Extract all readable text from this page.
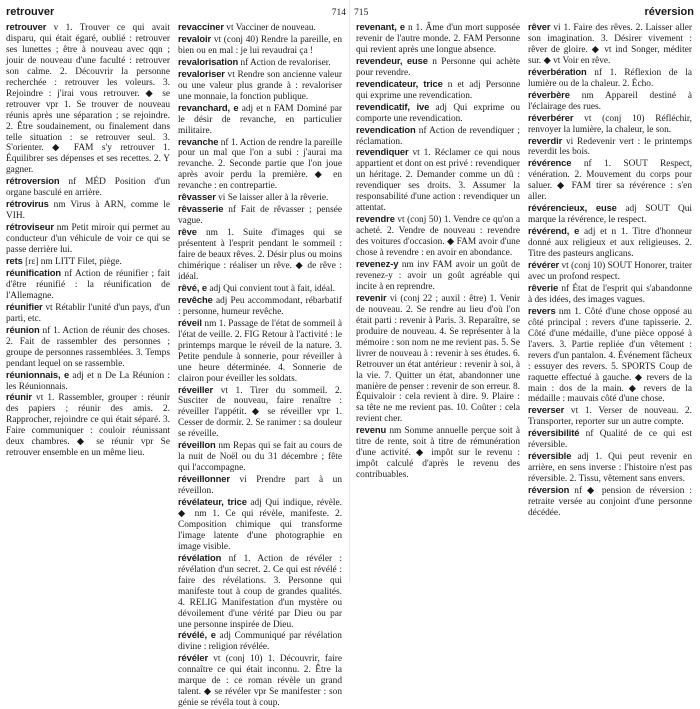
retrouver	714 715	réversion

retrouver v 1. Trouver ce qui avait disparu, qui était égaré, oublié : retrouver ses lunettes ; être à nouveau avec qqn ; jouir de nouveau d'une faculté : retrouver son calme. 2. Découvrir la personne recherchée : retrouver les voleurs. 3. Rejoindre : j'irai vous retrouver. ◆ se retrouver vpr 1. Se trouver de nouveau réunis après une séparation ; se rejoindre. 2. Être soudainement, ou finalement dans telle situation : se retrouver seul. 3. S'orienter. ◆ FAM s'y retrouver 1. Équilibrer ses dépenses et ses recettes. 2. Y gagner.

rétroversion nf MÉD Position d'un organe basculé en arrière.

rétrovirus nm Virus à ARN, comme le VIH.

rétroviseur nm Petit miroir qui permet au conducteur d'un véhicule de voir ce qui se passe derrière lui.

rets [rɛ] nm LITT Filet, piège.

réunification nf Action de réunifier ; fait d'être réunifié : la réunification de l'Allemagne.

réunifier vt Rétablir l'unité d'un pays, d'un parti, etc.

réunion nf 1. Action de réunir des choses. 2. Fait de rassembler des personnes ; groupe de personnes rassemblées. 3. Temps pendant lequel on se rassemble.

réunionnais, e adj et n De La Réunion : les Réunionnais.

réunir vt 1. Rassembler, grouper : réunir des papiers ; réunir des amis. 2. Rapprocher, rejoindre ce qui était séparé. 3. Faire communiquer : couloir réunissant deux chambres. ◆ se réunir vpr Se retrouver ensemble en un même lieu.

revacciner vt Vacciner de nouveau.

revaloir vt (conj 40) Rendre la pareille, en bien ou en mal : je lui revaudrai ça !

revalorisation nf Action de revaloriser.

revaloriser vt Rendre son ancienne valeur ou une valeur plus grande à : revaloriser une monnaie, la fonction publique.

revanchard, e adj et n FAM Dominé par le désir de revanche, en particulier militaire.

revanche nf 1. Action de rendre la pareille pour un mal que l'on a subi : j'aurai ma revanche. 2. Seconde partie que l'on joue après avoir perdu la première. ◆ en revanche : en contrepartie.

rêvasser vi Se laisser aller à la rêverie.

rêvasserie nf Fait de rêvasser ; pensée vague.

rêve nm 1. Suite d'images qui se présentent à l'esprit pendant le sommeil : faire de beaux rêves. 2. Désir plus ou moins chimérique : réaliser un rêve. ◆ de rêve : idéal.

rêvé, e adj Qui convient tout à fait, idéal.

revêche adj Peu accommodant, rébarbatif : personne, humeur revêche.

réveil nm 1. Passage de l'état de sommeil à l'état de veille. 2. FIG Retour à l'activité : le printemps marque le réveil de la nature. 3. Petite pendule à sonnerie, pour réveiller à une heure déterminée. 4. Sonnerie de clairon pour éveiller les soldats.

réveiller vt 1. Tirer du sommeil. 2. Susciter de nouveau, faire renaître : réveiller l'appétit. ◆ se réveiller vpr 1. Cesser de dormir. 2. Se ranimer : sa douleur se réveille.

réveillon nm Repas qui se fait au cours de la nuit de Noël ou du 31 décembre ; fête qui l'accompagne.

réveillonner vi Prendre part à un réveillon.

révélateur, trice adj Qui indique, révèle. ◆ nm 1. Ce qui révèle, manifeste. 2. Composition chimique qui transforme l'image latente d'une photographie en image visible.

révélation nf 1. Action de révéler : révélation d'un secret. 2. Ce qui est révélé : faire des révélations. 3. Personne qui manifeste tout à coup de grandes qualités. 4. RELIG Manifestation d'un mystère ou dévoilement d'une vérité par Dieu ou par une personne inspirée de Dieu.

révélé, e adj Communiqué par révélation divine : religion révélée.

révéler vt (conj 10) 1. Découvrir, faire connaître ce qui était inconnu. 2. Être la marque de : ce roman révèle un grand talent. ◆ se révéler vpr Se manifester : son génie se révéla tout à coup.

revenant, e n 1. Âme d'un mort supposée revenir de l'autre monde. 2. FAM Personne qui revient après une longue absence.

revendeur, euse n Personne qui achète pour revendre.

revendicateur, trice n et adj Personne qui exprime une revendication.

revendicatif, ive adj Qui exprime ou comporte une revendication.

revendication nf Action de revendiquer ; réclamation.

revendiquer vt 1. Réclamer ce qui nous appartient et dont on est privé : revendiquer un héritage. 2. Demander comme un dû : revendiquer ses droits. 3. Assumer la responsabilité d'une action : revendiquer un attentat.

revendre vt (conj 50) 1. Vendre ce qu'on a acheté. 2. Vendre de nouveau : revendre des voitures d'occasion. ◆ FAM avoir d'une chose à revendre : en avoir en abondance.

revenez-y nm inv FAM avoir un goût de revenez-y : avoir un goût agréable qui incite à en reprendre.

revenir vi (conj 22 ; auxil : être) 1. Venir de nouveau. 2. Se rendre au lieu d'où l'on était parti : revenir à Paris. 3. Reparaître, se produire de nouveau. 4. Se représenter à la mémoire : son nom ne me revient pas. 5. Se livrer de nouveau à : revenir à ses études. 6. Retrouver un état antérieur : revenir à soi, à la vie. 7. Quitter un état, abandonner une manière de penser : revenir de son erreur. 8. Équivaloir : cela revient à dire. 9. Plaire : sa tête ne me revient pas. 10. Coûter : cela revient cher.

revenu nm Somme annuelle perçue soit à titre de rente, soit à titre de rémunération d'une activité. ◆ impôt sur le revenu : impôt calculé d'après le revenu des contribuables.

rêver vi 1. Faire des rêves. 2. Laisser aller son imagination. 3. Désirer vivement : rêver de gloire. ◆ vt ind Songer, méditer sur. ◆ vt Voir en rêve.

réverbération nf 1. Réflexion de la lumière ou de la chaleur. 2. Écho.

réverbère nm Appareil destiné à l'éclairage des rues.

réverbérer vt (conj 10) Réfléchir, renvoyer la lumière, la chaleur, le son.

reverdir vi Redevenir vert : le printemps reverdit les bois.

révérence nf 1. SOUT Respect, vénération. 2. Mouvement du corps pour saluer. ◆ FAM tirer sa révérence : s'en aller.

révérencieux, euse adj SOUT Qui marque la révérence, le respect.

révérend, e adj et n 1. Titre d'honneur donné aux religieux et aux religieuses. 2. Titre des pasteurs anglicans.

révérer vt (conj 10) SOUT Honorer, traiter avec un profond respect.

rêverie nf État de l'esprit qui s'abandonne à des idées, des images vagues.

revers nm 1. Côté d'une chose opposé au côté principal : revers d'une tapisserie. 2. Côté d'une médaille, d'une pièce opposé à l'avers. 3. Partie repliée d'un vêtement : revers d'un pantalon. 4. Événement fâcheux : essuyer des revers. 5. SPORTS Coup de raquette effectué à gauche. ◆ revers de la main : dos de la main. ◆ revers de la médaille : mauvais côté d'une chose.

reverser vt 1. Verser de nouveau. 2. Transporter, reporter sur un autre compte.

réversibilité nf Qualité de ce qui est réversible.

réversible adj 1. Qui peut revenir en arrière, en sens inverse : l'histoire n'est pas réversible. 2. Tissu, vêtement sans envers.

réversion nf ◆ pension de réversion : retraite versée au conjoint d'une personne décédée.
